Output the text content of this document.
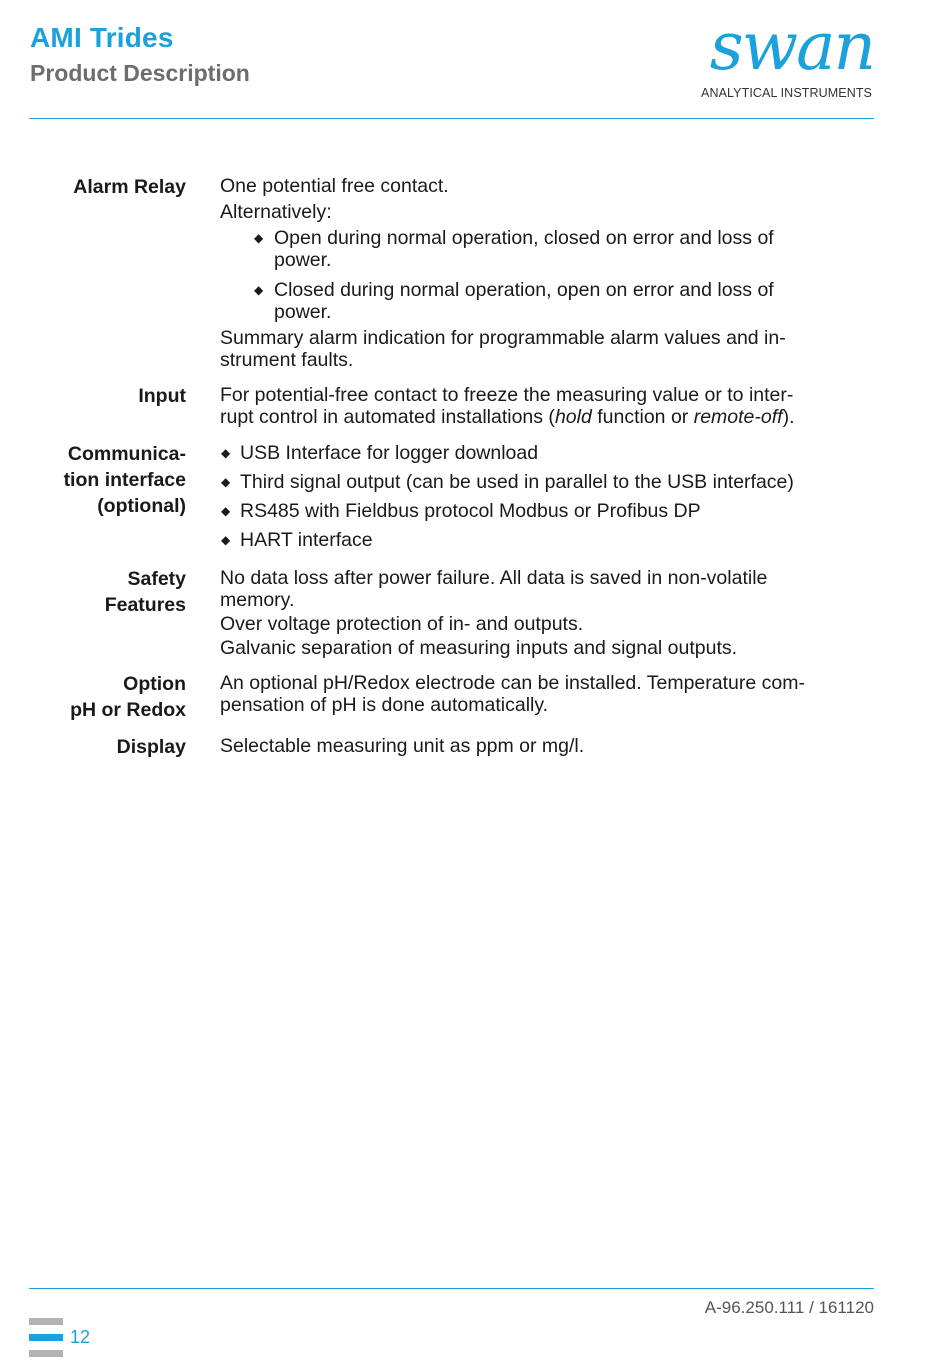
AMI Trides
Product Description	swan
ANALYTICAL INSTRUMENTS
Alarm Relay One potential free contact.
Alternatively:
◆ Open during normal operation, closed on error and loss of
power.
◆ Closed during normal operation, open on error and loss of
power.
Summary alarm indication for programmable alarm values and in-
strument faults.
Input For potential-free contact to freeze the measuring value or to inter-
rupt control in automated installations (hold function or remote-off).
Communica-
tion interface
(optional)
◆ USB Interface for logger download
◆ Third signal output (can be used in parallel to the USB interface)
◆ RS485 with Fieldbus protocol Modbus or Profibus DP
◆ HART interface
Safety
Features
No data loss after power failure. All data is saved in non-volatile
memory.
Over voltage protection of in- and outputs.
Galvanic separation of measuring inputs and signal outputs.
Option
pH or Redox
An optional pH/Redox electrode can be installed. Temperature com-
pensation of pH is done automatically.
Display Selectable measuring unit as ppm or mg/l.
A-96.250.111 / 161120
12
